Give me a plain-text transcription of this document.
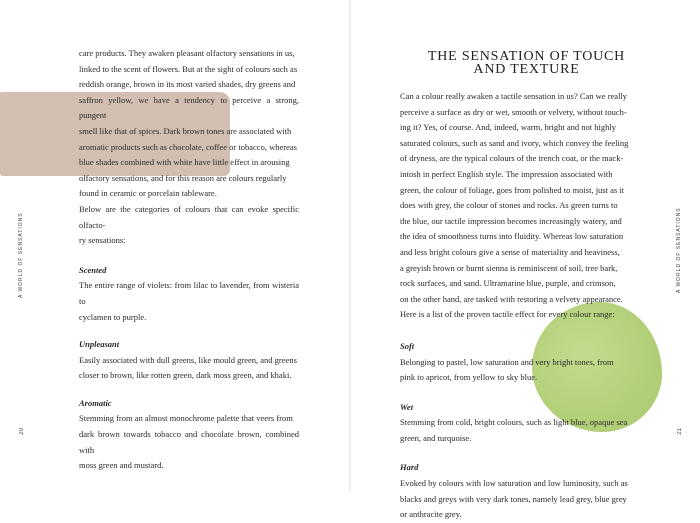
A WORLD OF SENSATIONS
20
care products. They awaken pleasant olfactory sensations in us,
linked to the scent of flowers. But at the sight of colours such as
reddish orange, brown in its most varied shades, dry greens and
saffron yellow, we have a tendency to perceive a strong, pungent
smell like that of spices. Dark brown tones are associated with
aromatic products such as chocolate, coffee or tobacco, whereas
blue shades combined with white have little effect in arousing
olfactory sensations, and for this reason are colours regularly
found in ceramic or porcelain tableware.
Below are the categories of colours that can evoke specific olfacto-
ry sensations:
Scented
The entire range of violets: from lilac to lavender, from wisteria to
cyclamen to purple.
Unpleasant
Easily associated with dull greens, like mould green, and greens
closer to brown, like rotten green, dark moss green, and khaki.
Aromatic
Stemming from an almost monochrome palette that veers from
dark brown towards tobacco and chocolate brown, combined with
moss green and mustard.
A WORLD OF SENSATIONS
21
THE SENSATION OF TOUCH
AND TEXTURE
Can a colour really awaken a tactile sensation in us? Can we really
perceive a surface as dry or wet, smooth or velvety, without touch-
ing it? Yes, of course. And, indeed, warm, bright and not highly
saturated colours, such as sand and ivory, which convey the feeling
of dryness, are the typical colours of the trench coat, or the mack-
intosh in perfect English style. The impression associated with
green, the colour of foliage, goes from polished to moist, just as it
does with grey, the colour of stones and rocks. As green turns to
the blue, our tactile impression becomes increasingly watery, and
the idea of smoothness turns into fluidity. Whereas low saturation
and less bright colours give a sense of materiality and heaviness,
a greyish brown or burnt sienna is reminiscent of soil, tree bark,
rock surfaces, and sand. Ultramarine blue, purple, and crimson,
on the other hand, are tasked with restoring a velvety appearance.
Here is a list of the proven tactile effect for every colour range:
Soft
Belonging to pastel, low saturation and very bright tones, from
pink to apricot, from yellow to sky blue.
Wet
Stemming from cold, bright colours, such as light blue, opaque sea
green, and turquoise.
Hard
Evoked by colours with low saturation and low luminosity, such as
blacks and greys with very dark tones, namely lead grey, blue grey
or anthracite grey.
